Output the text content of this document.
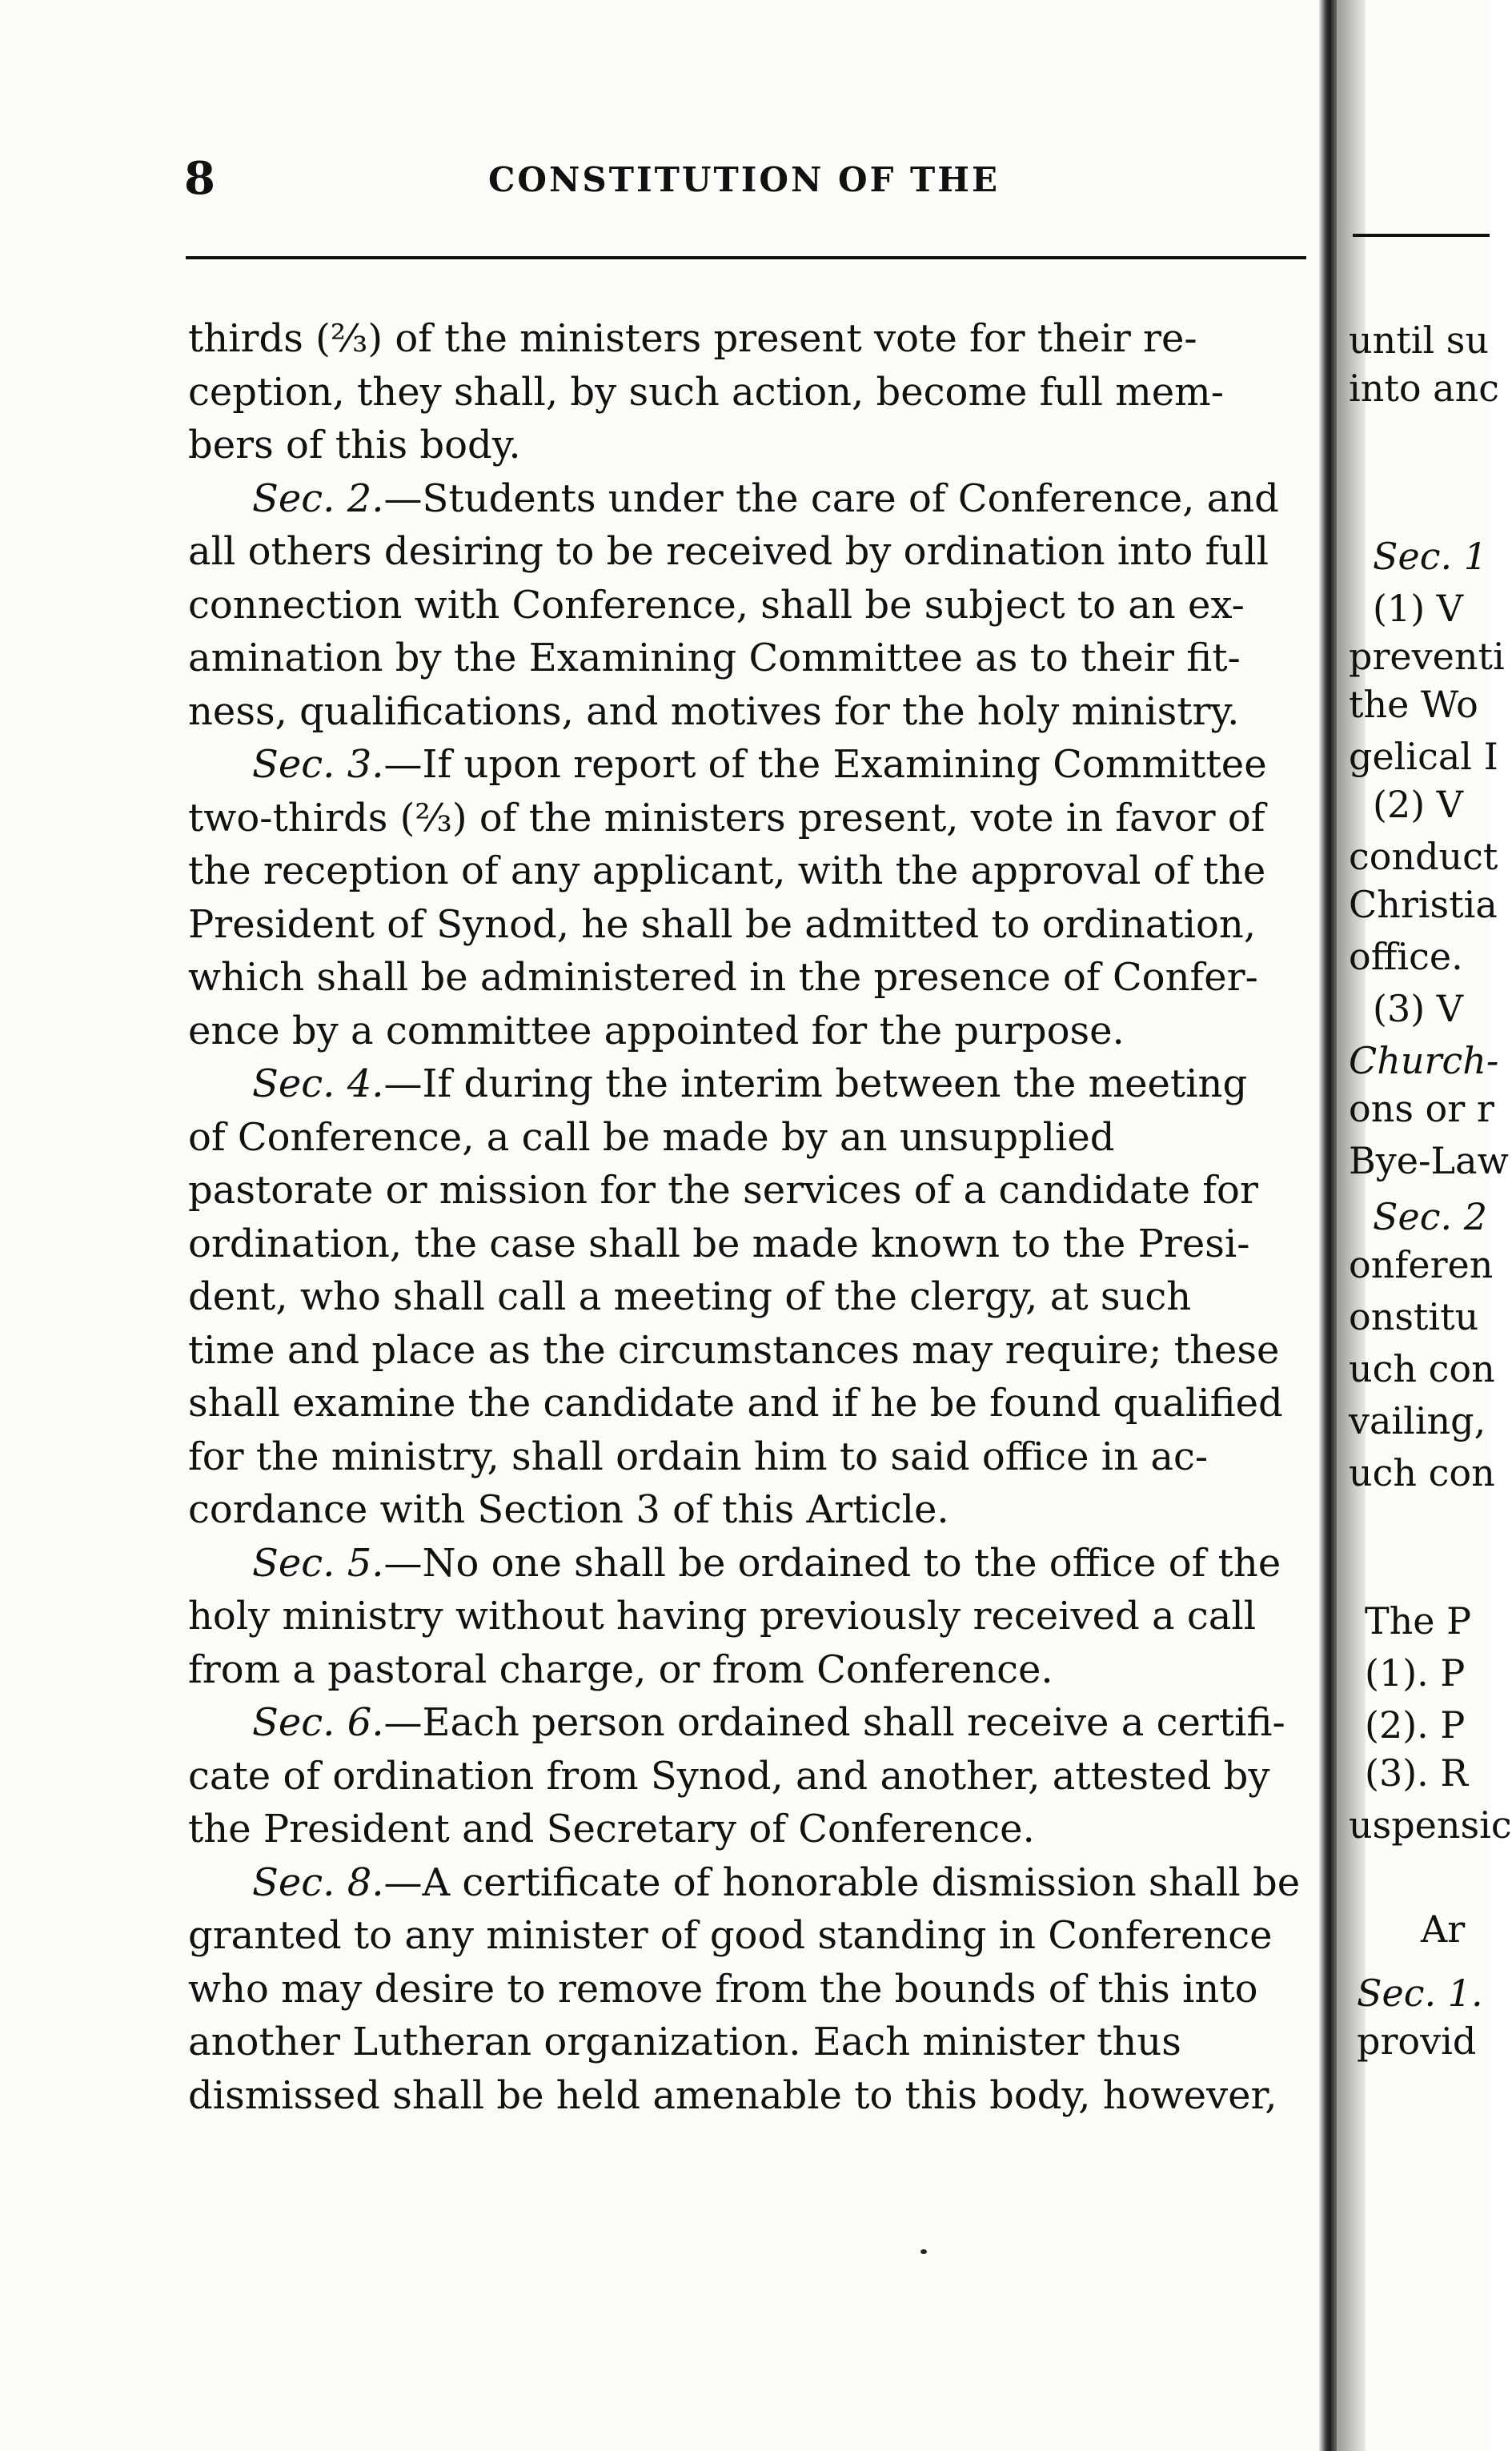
8	CONSTITUTION OF THE
thirds (⅔) of the ministers present vote for their re-
ception, they shall, by such action, become full mem-
bers of this body.
Sec. 2.—Students under the care of Conference, and
all others desiring to be received by ordination into full
connection with Conference, shall be subject to an ex-
amination by the Examining Committee as to their fit-
ness, qualifications, and motives for the holy ministry.
Sec. 3.—If upon report of the Examining Committee
two-thirds (⅔) of the ministers present, vote in favor of
the reception of any applicant, with the approval of the
President of Synod, he shall be admitted to ordination,
which shall be administered in the presence of Confer-
ence by a committee appointed for the purpose.
Sec. 4.—If during the interim between the meeting
of Conference, a call be made by an unsupplied
pastorate or mission for the services of a candidate for
ordination, the case shall be made known to the Presi-
dent, who shall call a meeting of the clergy, at such
time and place as the circumstances may require; these
shall examine the candidate and if he be found qualified
for the ministry, shall ordain him to said office in ac-
cordance with Section 3 of this Article.
Sec. 5.—No one shall be ordained to the office of the
holy ministry without having previously received a call
from a pastoral charge, or from Conference.
Sec. 6.—Each person ordained shall receive a certifi-
cate of ordination from Synod, and another, attested by
the President and Secretary of Conference.
Sec. 8.—A certificate of honorable dismission shall be
granted to any minister of good standing in Conference
who may desire to remove from the bounds of this into
another Lutheran organization. Each minister thus
dismissed shall be held amenable to this body, however,
until su
into anc
Sec. 1
(1) V
preventi
the Wo
gelical I
(2) V
conduct
Christia
office.
(3) V
Church-
ons or r
Bye-Law
Sec. 2
onferen
onstitu
uch con
vailing,
uch con
The P
(1). P
(2). P
(3). R
uspensic
Ar
Sec. 1.
provid
